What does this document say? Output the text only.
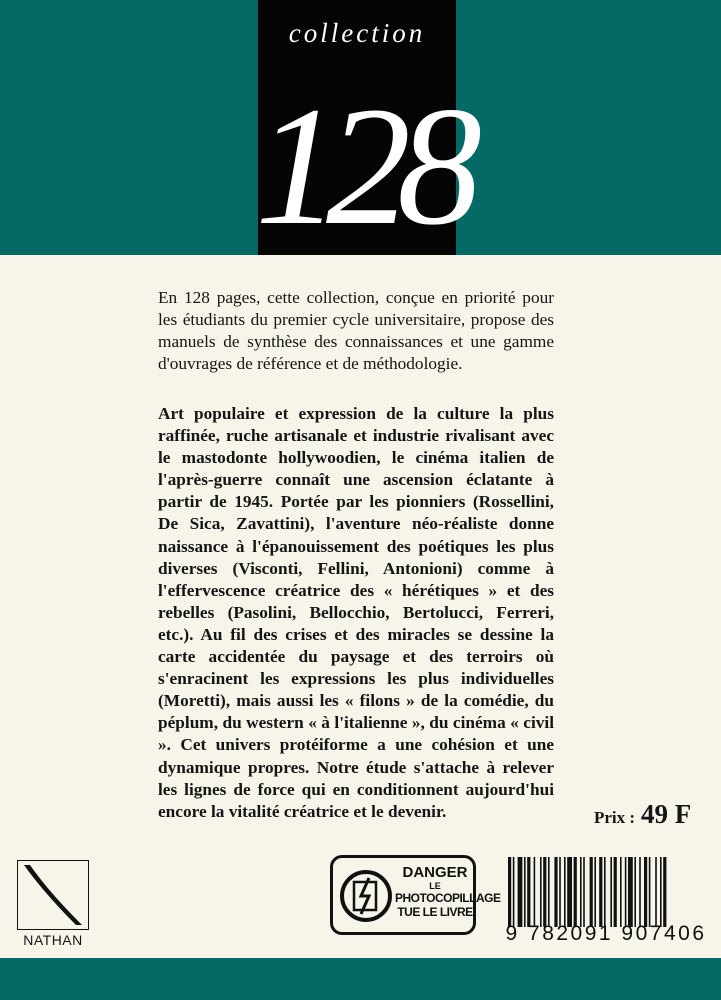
collection
128

En 128 pages, cette collection, conçue en priorité pour les étudiants du premier cycle universitaire, propose des manuels de synthèse des connaissances et une gamme d'ouvrages de référence et de méthodologie.

Art populaire et expression de la culture la plus raffinée, ruche artisanale et industrie rivalisant avec le mastodonte hollywoodien, le cinéma italien de l'après-guerre connaît une ascension éclatante à partir de 1945. Portée par les pionniers (Rossellini, De Sica, Zavattini), l'aventure néo-réaliste donne naissance à l'épanouissement des poétiques les plus diverses (Visconti, Fellini, Antonioni) comme à l'effervescence créatrice des « hérétiques » et des rebelles (Pasolini, Bellocchio, Bertolucci, Ferreri, etc.). Au fil des crises et des miracles se dessine la carte accidentée du paysage et des terroirs où s'enracinent les expressions les plus individuelles (Moretti), mais aussi les « filons » de la comédie, du péplum, du western « à l'italienne », du cinéma « civil ». Cet univers protéiforme a une cohésion et une dynamique propres. Notre étude s'attache à relever les lignes de force qui en conditionnent aujourd'hui encore la vitalité créatrice et le devenir.	Prix : 49 F
NATHAN
DANGER
LE
PHOTOCOPILLAGE
TUE LE LIVRE
9 782091 907406
